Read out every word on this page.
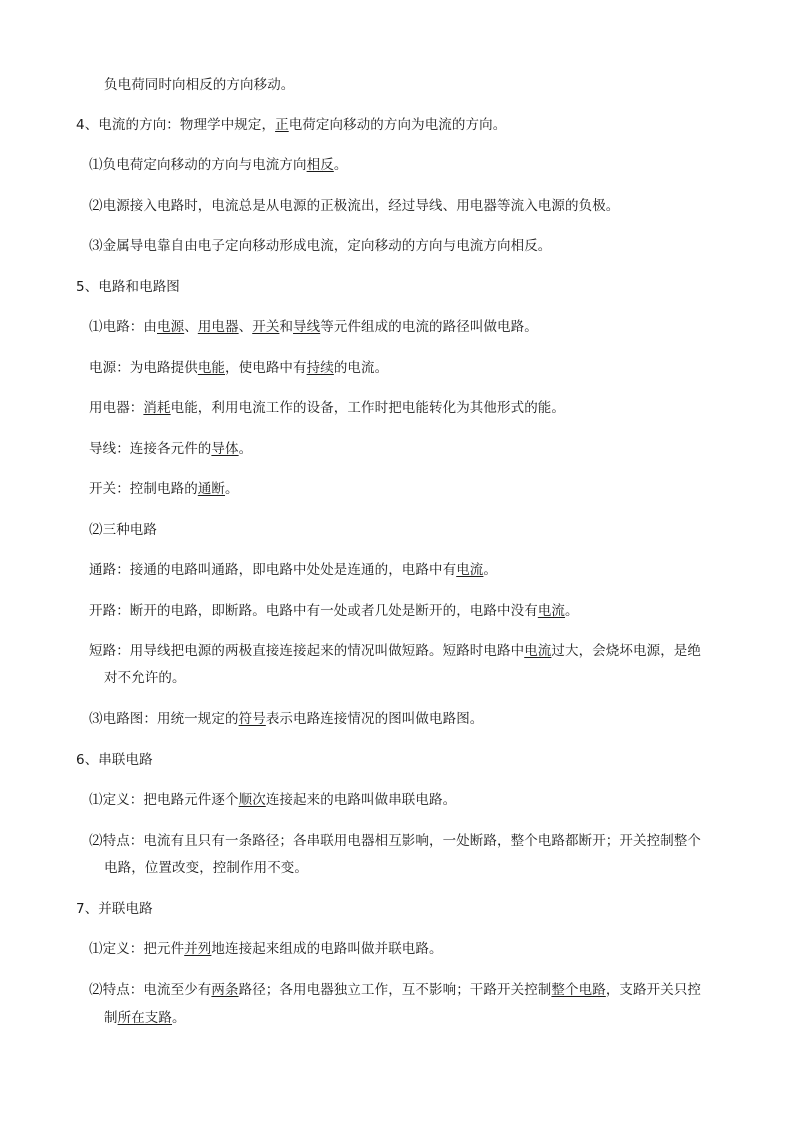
负电荷同时向相反的方向移动。
4、电流的方向：物理学中规定，正电荷定向移动的方向为电流的方向。
⑴负电荷定向移动的方向与电流方向相反。
⑵电源接入电路时，电流总是从电源的正极流出，经过导线、用电器等流入电源的负极。
⑶金属导电靠自由电子定向移动形成电流，定向移动的方向与电流方向相反。
5、电路和电路图
⑴电路：由电源、用电器、开关和导线等元件组成的电流的路径叫做电路。
电源：为电路提供电能，使电路中有持续的电流。
用电器：消耗电能，利用电流工作的设备，工作时把电能转化为其他形式的能。
导线：连接各元件的导体。
开关：控制电路的通断。
⑵三种电路
通路：接通的电路叫通路，即电路中处处是连通的，电路中有电流。
开路：断开的电路，即断路。电路中有一处或者几处是断开的，电路中没有电流。
短路：用导线把电源的两极直接连接起来的情况叫做短路。短路时电路中电流过大，会烧坏电源，是绝
对不允许的。
⑶电路图：用统一规定的符号表示电路连接情况的图叫做电路图。
6、串联电路
⑴定义：把电路元件逐个顺次连接起来的电路叫做串联电路。
⑵特点：电流有且只有一条路径；各串联用电器相互影响，一处断路，整个电路都断开；开关控制整个
电路，位置改变，控制作用不变。
7、并联电路
⑴定义：把元件并列地连接起来组成的电路叫做并联电路。
⑵特点：电流至少有两条路径；各用电器独立工作，互不影响；干路开关控制整个电路，支路开关只控
制所在支路。
